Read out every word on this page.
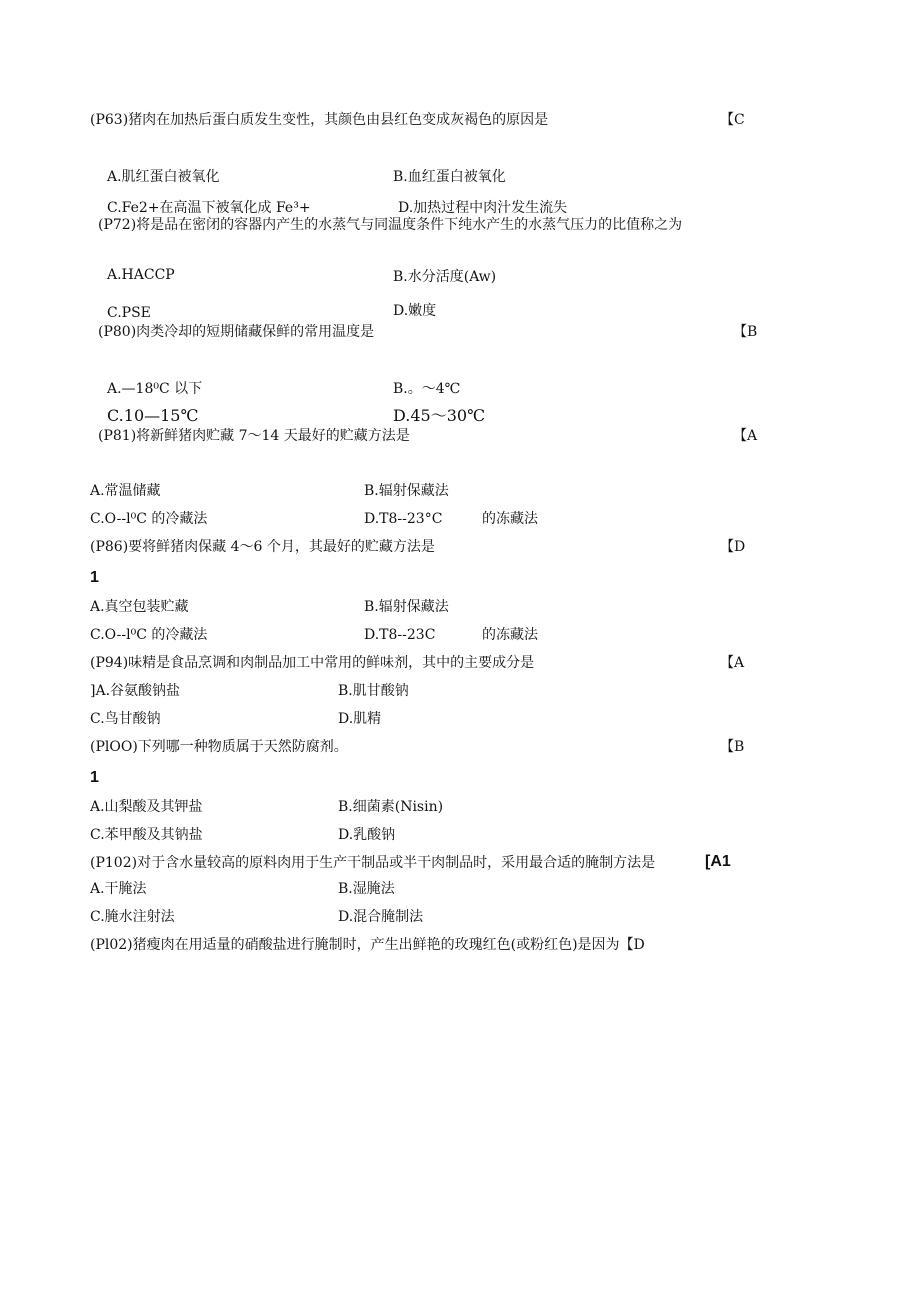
(P63)猪肉在加热后蛋白质发生变性，其颜色由县红色变成灰褐色的原因是	【C
A.肌红蛋白被氧化	B.血红蛋白被氧化
C.Fe2+在高温下被氧化成 Fe³+	D.加热过程中肉汁发生流失
(P72)将是品在密闭的容器内产生的水蒸气与同温度条件下纯水产生的水蒸气压力的比值称之为
A.HACCP	B.水分活度(Aw)
C.PSE	D.嫩度
(P80)肉类冷却的短期储藏保鲜的常用温度是	【B
A.—18⁰C 以下	B.。～4℃
C.10—15℃	D.45～30℃
(P81)将新鲜猪肉贮藏 7～14 天最好的贮藏方法是	【A
A.常温储藏	B.辐射保藏法
C.O--l⁰C 的冷藏法	D.T8--23°C	的冻藏法
(P86)要将鲜猪肉保藏 4～6 个月，其最好的贮藏方法是	【D
1
A.真空包装贮藏	B.辐射保藏法
C.O--l⁰C 的冷藏法	D.T8--23C	的冻藏法
(P94)味精是食品烹调和肉制品加工中常用的鲜味剂，其中的主要成分是	【A
]A.谷氨酸钠盐	B.肌甘酸钠
C.鸟甘酸钠	D.肌精
(PlOO)下列哪一种物质属于天然防腐剂。	【B
1
A.山梨酸及其钾盐	B.细菌素(Nisin)
C.苯甲酸及其钠盐	D.乳酸钠
(P102)对于含水量较高的原料肉用于生产干制品或半干肉制品时，采用最合适的腌制方法是	[A1
A.干腌法	B.湿腌法
C.腌水注射法	D.混合腌制法
(Pl02)猪瘦肉在用适量的硝酸盐进行腌制时，产生出鲜艳的玫瑰红色(或粉红色)是因为【D
